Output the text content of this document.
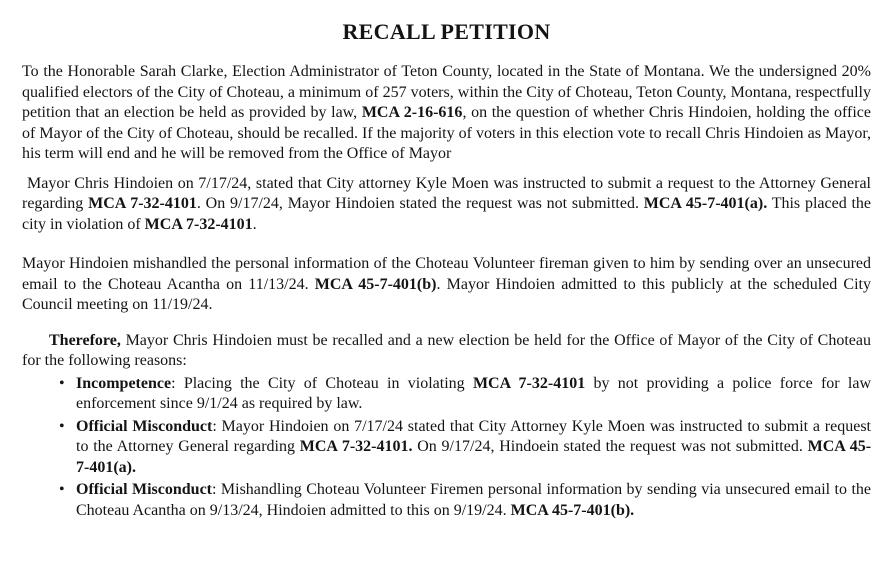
RECALL PETITION

To the Honorable Sarah Clarke, Election Administrator of Teton County, located in the State of Montana. We the undersigned 20% qualified electors of the City of Choteau, a minimum of 257 voters, within the City of Choteau, Teton County, Montana, respectfully petition that an election be held as provided by law, MCA 2-16-616, on the question of whether Chris Hindoien, holding the office of Mayor of the City of Choteau, should be recalled. If the majority of voters in this election vote to recall Chris Hindoien as Mayor, his term will end and he will be removed from the Office of Mayor

Mayor Chris Hindoien on 7/17/24, stated that City attorney Kyle Moen was instructed to submit a request to the Attorney General regarding MCA 7-32-4101. On 9/17/24, Mayor Hindoien stated the request was not submitted. MCA 45-7-401(a). This placed the city in violation of MCA 7-32-4101.

Mayor Hindoien mishandled the personal information of the Choteau Volunteer fireman given to him by sending over an unsecured email to the Choteau Acantha on 11/13/24. MCA 45-7-401(b). Mayor Hindoien admitted to this publicly at the scheduled City Council meeting on 11/19/24.

Therefore, Mayor Chris Hindoien must be recalled and a new election be held for the Office of Mayor of the City of Choteau for the following reasons:

• Incompetence: Placing the City of Choteau in violating MCA 7-32-4101 by not providing a police force for law enforcement since 9/1/24 as required by law.
• Official Misconduct: Mayor Hindoien on 7/17/24 stated that City Attorney Kyle Moen was instructed to submit a request to the Attorney General regarding MCA 7-32-4101. On 9/17/24, Hindoein stated the request was not submitted. MCA 45-7-401(a).
• Official Misconduct: Mishandling Choteau Volunteer Firemen personal information by sending via unsecured email to the Choteau Acantha on 9/13/24, Hindoien admitted to this on 9/19/24. MCA 45-7-401(b).
